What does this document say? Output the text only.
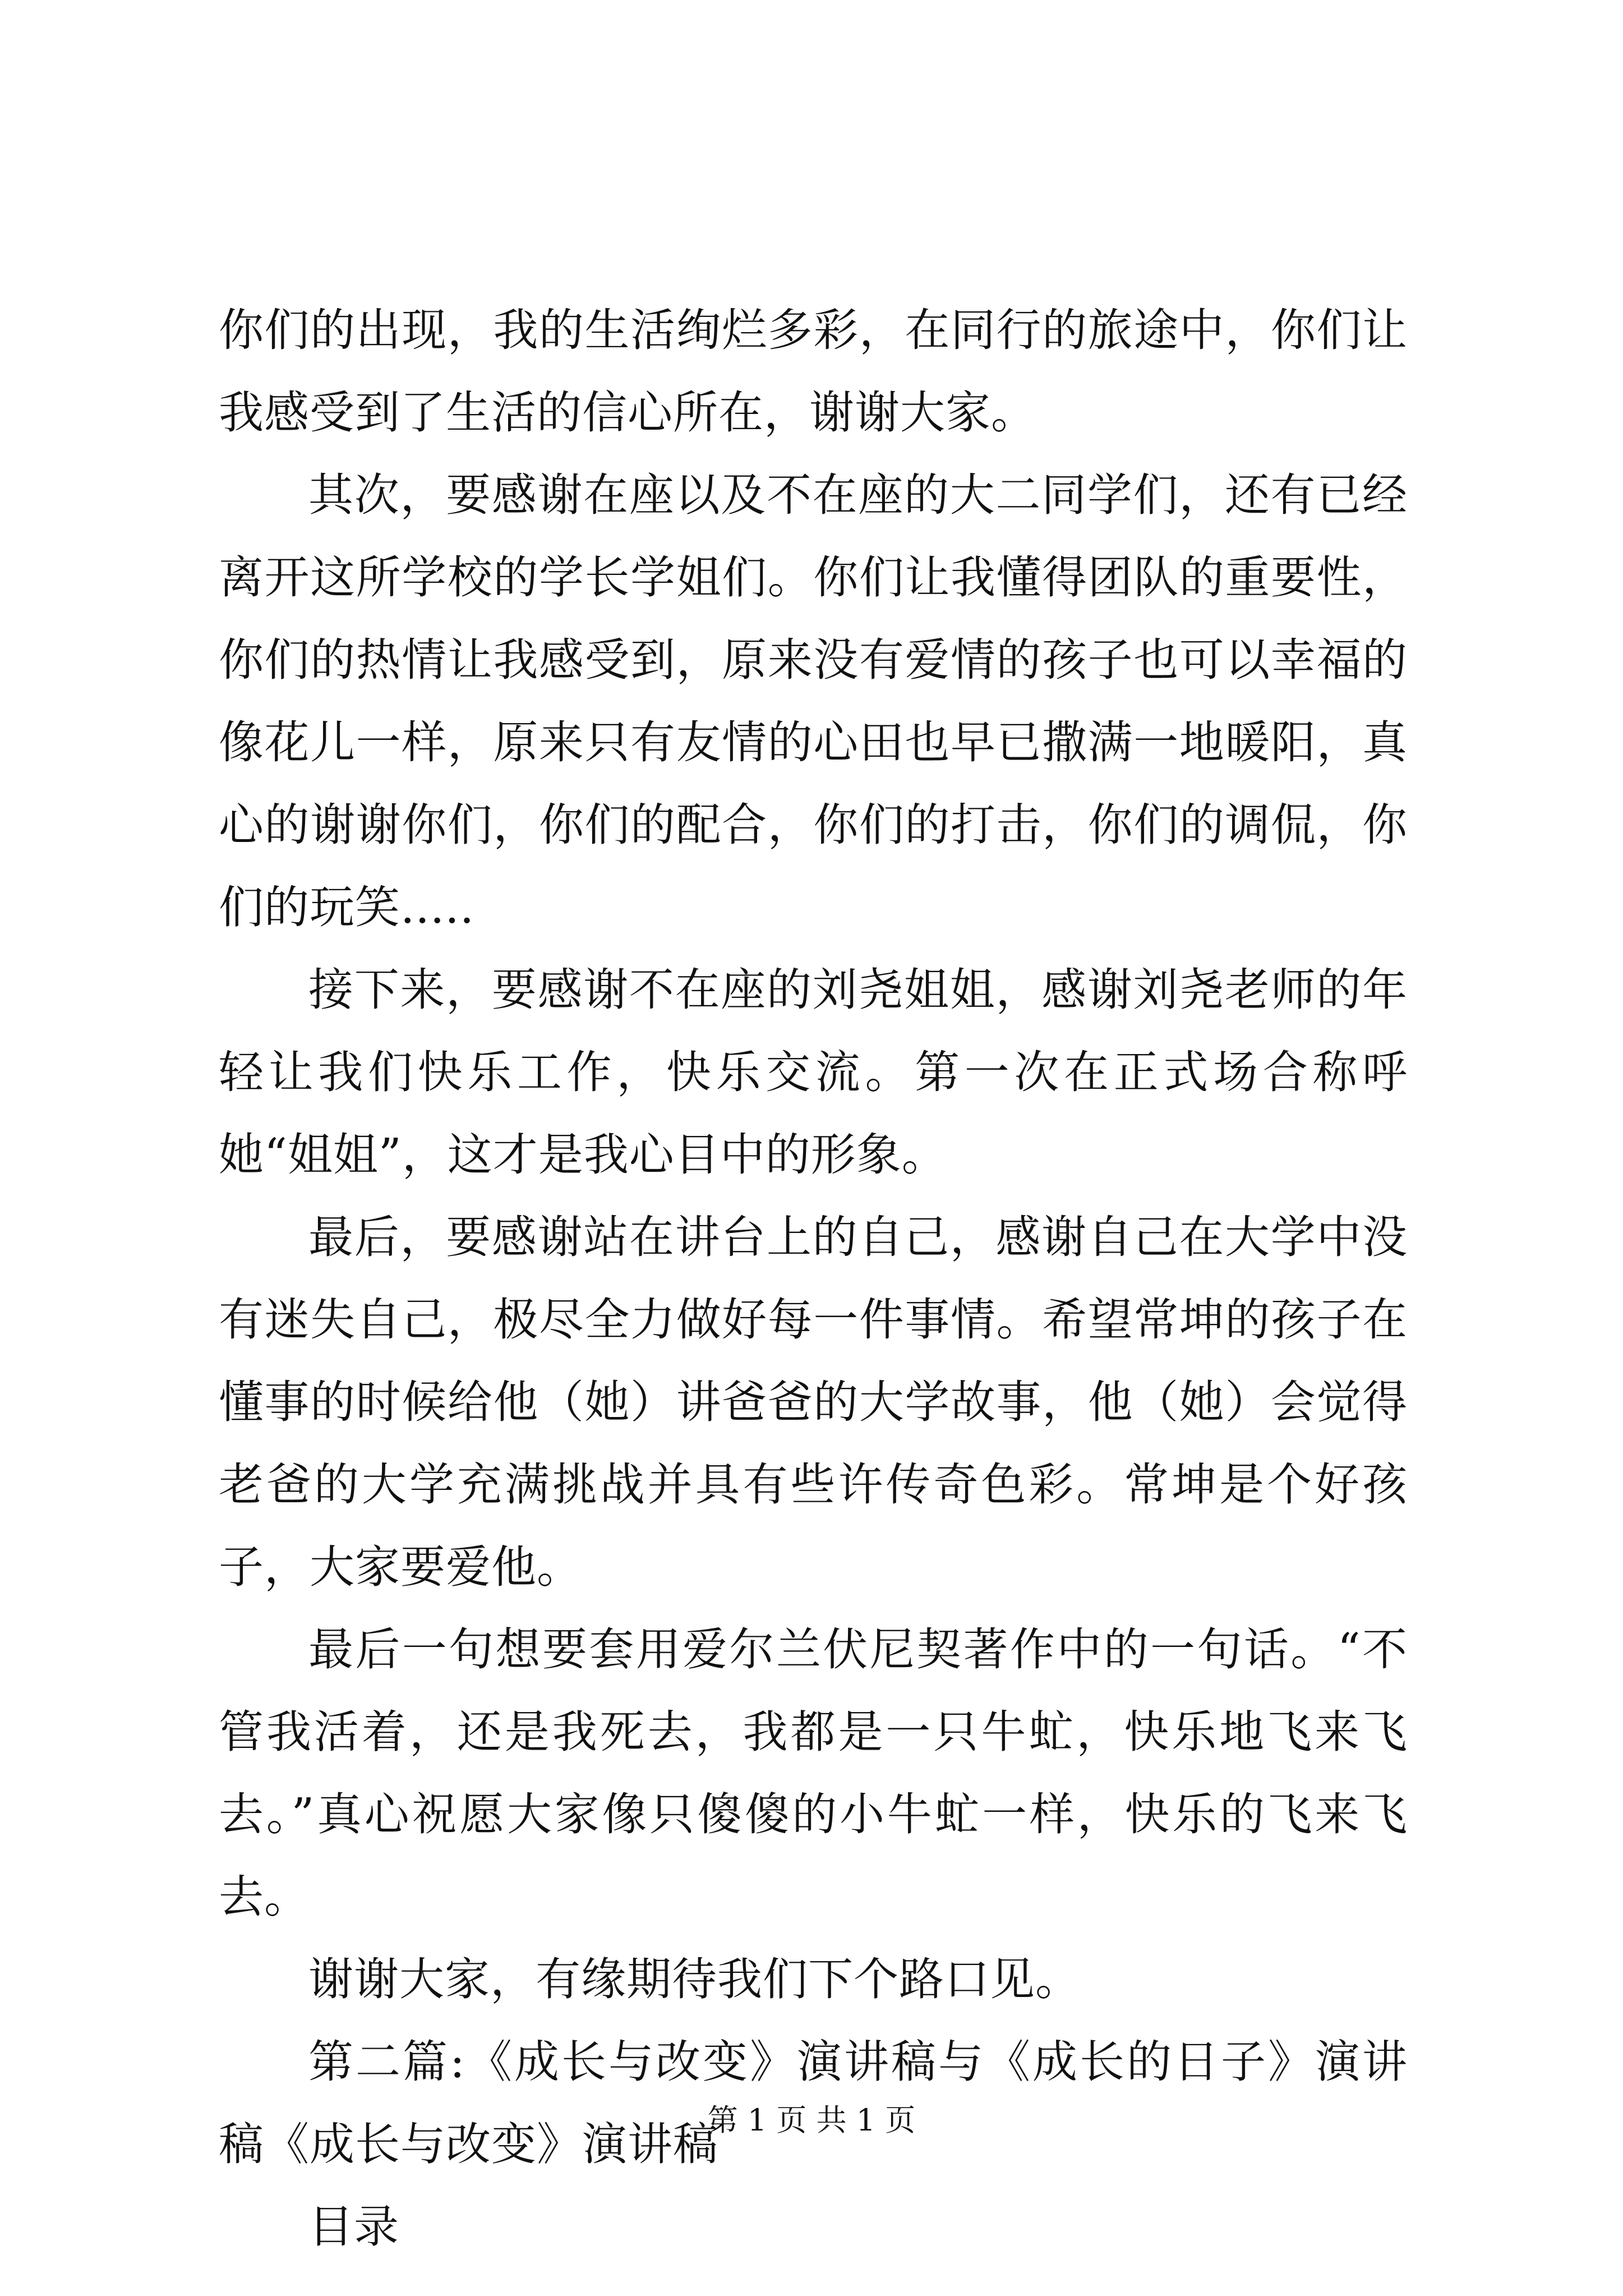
你们的出现，我的生活绚烂多彩，在同行的旅途中，你们让我感受到了生活的信心所在，谢谢大家。

其次，要感谢在座以及不在座的大二同学们，还有已经离开这所学校的学长学姐们。你们让我懂得团队的重要性，你们的热情让我感受到，原来没有爱情的孩子也可以幸福的像花儿一样，原来只有友情的心田也早已撒满一地暖阳，真心的谢谢你们，你们的配合，你们的打击，你们的调侃，你们的玩笑.....

接下来，要感谢不在座的刘尧姐姐，感谢刘尧老师的年轻让我们快乐工作，快乐交流。第一次在正式场合称呼她“姐姐”，这才是我心目中的形象。

最后，要感谢站在讲台上的自己，感谢自己在大学中没有迷失自己，极尽全力做好每一件事情。希望常坤的孩子在懂事的时候给他（她）讲爸爸的大学故事，他（她）会觉得老爸的大学充满挑战并具有些许传奇色彩。常坤是个好孩子，大家要爱他。

最后一句想要套用爱尔兰伏尼契著作中的一句话。“不管我活着，还是我死去，我都是一只牛虻，快乐地飞来飞去。”真心祝愿大家像只傻傻的小牛虻一样，快乐的飞来飞去。

谢谢大家，有缘期待我们下个路口见。

第二篇:《成长与改变》演讲稿与《成长的日子》演讲稿《成长与改变》演讲稿

目录

第 1 页 共 1 页
